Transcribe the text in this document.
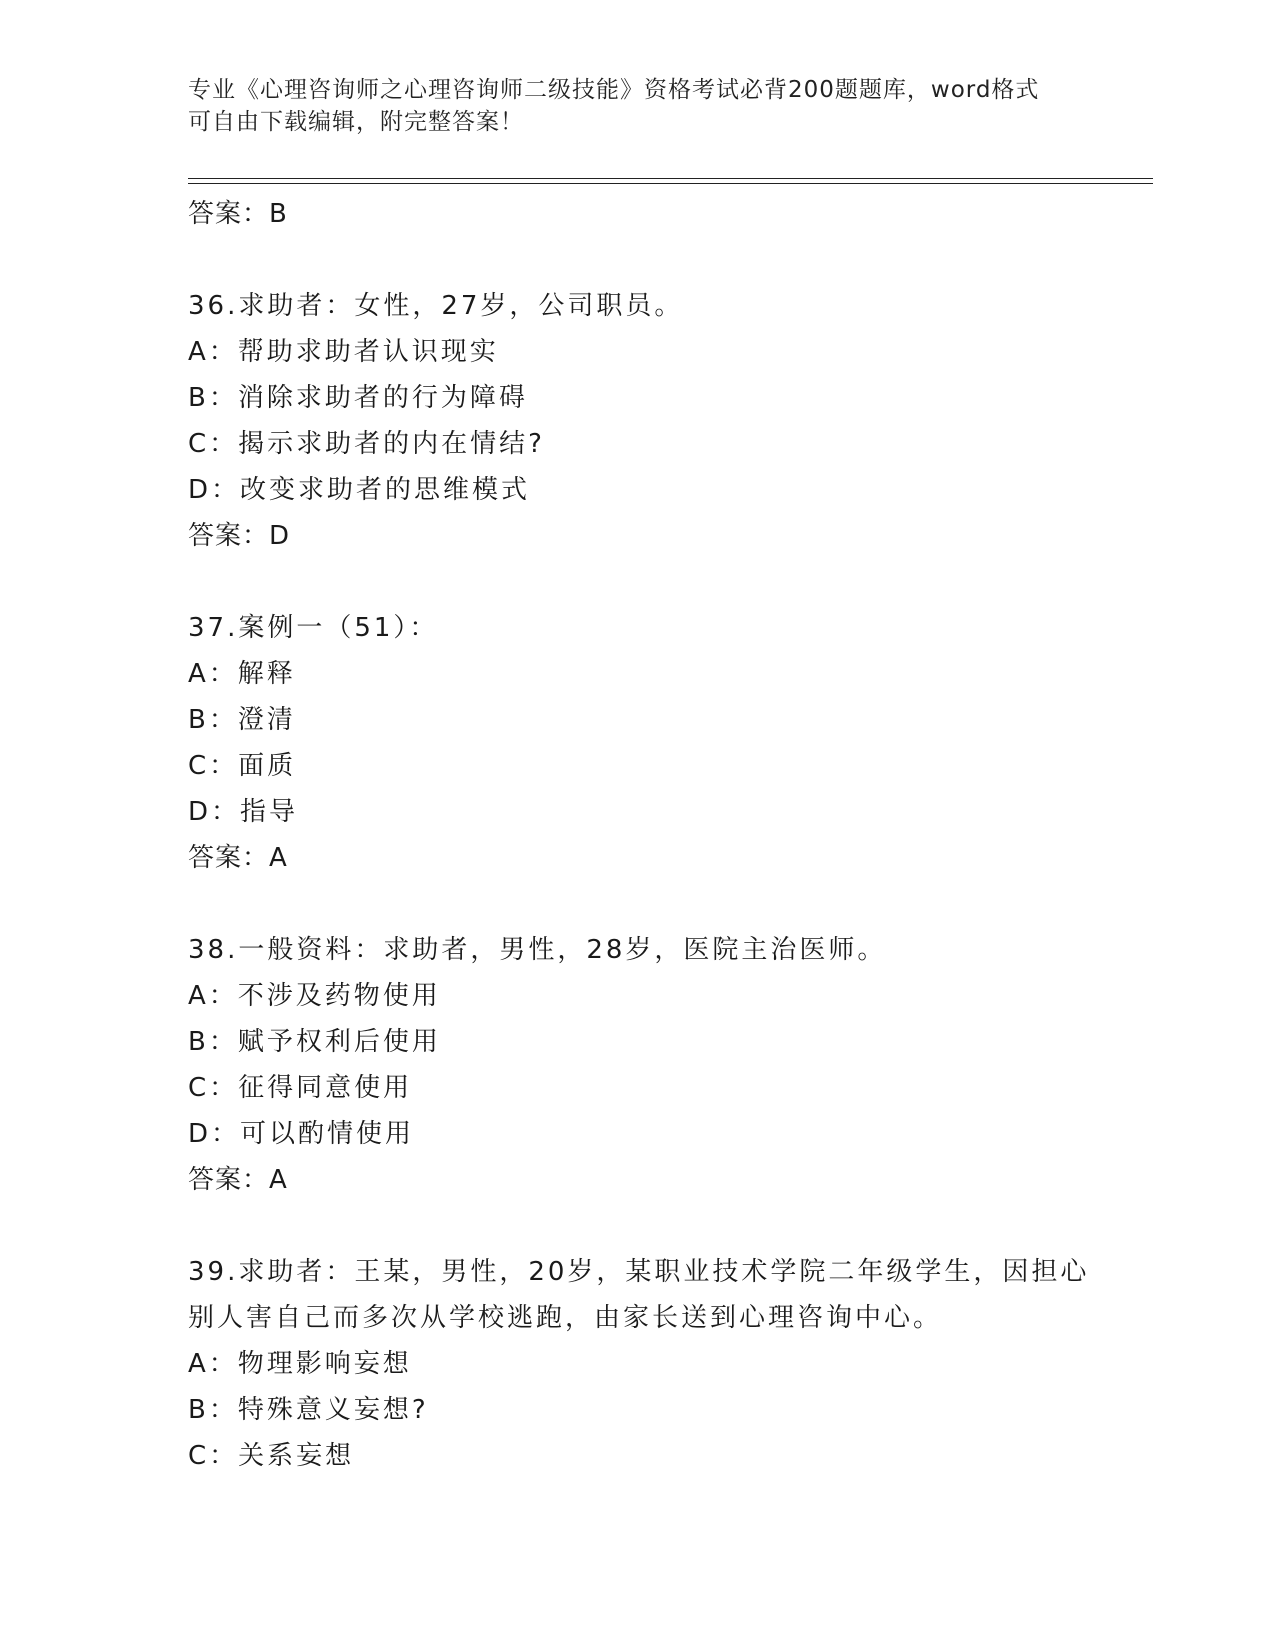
专业《心理咨询师之心理咨询师二级技能》资格考试必背200题题库，word格式
可自由下载编辑，附完整答案！
答案：B
36.求助者：女性，27岁，公司职员。
A：帮助求助者认识现实
B：消除求助者的行为障碍
C：揭示求助者的内在情结?
D：改变求助者的思维模式
答案：D
37.案例一（51）：
A：解释
B：澄清
C：面质
D：指导
答案：A
38.一般资料：求助者，男性，28岁，医院主治医师。
A：不涉及药物使用
B：赋予权利后使用
C：征得同意使用
D：可以酌情使用
答案：A
39.求助者：王某，男性，20岁，某职业技术学院二年级学生，因担心
别人害自己而多次从学校逃跑，由家长送到心理咨询中心。
A：物理影响妄想
B：特殊意义妄想?
C：关系妄想
